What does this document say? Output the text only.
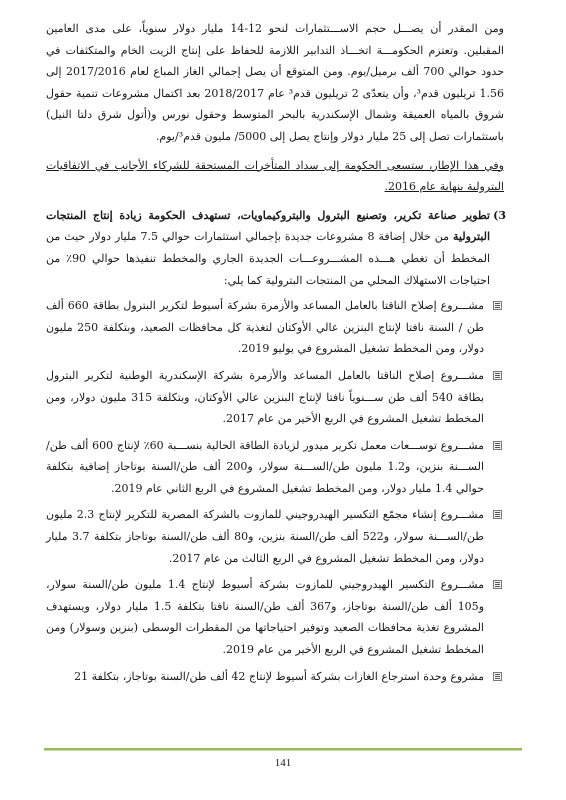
ومن المقدر أن يصـــل حجم الاســـتثمارات لنحو 12-14 مليار دولار سنوياً، على مدى العامين المقبلين. وتعتزم الحكومـــة اتخـــاذ التدابير اللازمة للحفاظ على إنتاج الزيت الخام والمتكثفات في حدود حوالي 700 ألف برميل/يوم. ومن المتوقع أن يصل إجمالي الغاز المباع لعام 2017/2016 إلى 1.56 تريليون قدم³، وأن يتعدّى 2 تريليون قدم³ عام 2018/2017 بعد اكتمال مشروعات تنمية حقول شروق بالمياه العميقة وشمال الإسكندرية بالبحر المتوسط وحقول نورس و(أتول شرق دلتا النيل) باستثمارات تصل إلى 25 مليار دولار وإنتاج يصل إلى 5000/ مليون قدم³/يوم.

وفي هذا الإطار، ستسعى الحكومة إلى سداد المتأخرات المستحقة للشركاء الأجانب في الاتفاقيات البترولية بنهاية عام 2016.

3)

تطوير صناعة تكرير، وتصنيع البترول والبتروكيماويات، تستهدف الحكومة زيادة إنتاج المنتجات البترولية من خلال إضافة 8 مشروعات جديدة بإجمالي استثمارات حوالي 7.5 مليار دولار حيث من المخطط أن تغطي هـــذه المشـــروعـــات الجديدة الجاري والمخطط تنفيذها حوالي 90٪ من احتياجات الاستهلاك المحلي من المنتجات البترولية كما يلي:

مشـــروع إصلاح الناقتا بالعامل المساعد والأزمرة بشركة أسيوط لتكرير البترول بطاقة 660 ألف طن / السنة نافتا لإنتاج البنزين عالي الأوكتان لتغذية كل محافظات الصعيد، وبتكلفة 250 مليون دولار، ومن المخطط تشغيل المشروع في يوليو 2019.
مشـــروع إصلاح الناقتا بالعامل المساعد والأزمرة بشركة الإسكندرية الوطنية لتكرير البترول بطاقة 540 ألف طن ســـنوياً نافتا لإنتاج البنزين عالي الأوكتان، وبتكلفة 315 مليون دولار، ومن المخطط تشغيل المشروع في الربع الأخير من عام 2017.
مشـــروع توســـعات معمل تكرير ميدور لزيادة الطاقة الحالية بنســـبة 60٪ لإنتاج 600 ألف طن/الســـنة بنزين، و1.2 مليون طن/الســـنة سولار، و200 ألف طن/السنة بوتاجاز إضافية بتكلفة حوالي 1.4 مليار دولار، ومن المخطط تشغيل المشروع في الربع الثاني عام 2019.
مشـــروع إنشاء مجمّع التكسير الهيدروجيني للمازوت بالشركة المصرية للتكرير لإنتاج 2.3 مليون طن/الســـنة سولار، و522 ألف طن/السنة بنزين، و80 ألف طن/السنة بوتاجاز بتكلفة 3.7 مليار دولار، ومن المخطط تشغيل المشروع في الربع الثالث من عام 2017.
مشـــروع التكسير الهيدروجيني للمازوت بشركة أسيوط لإنتاج 1.4 مليون طن/السنة سولار، و105 ألف طن/السنة بوتاجاز، و367 ألف طن/السنة نافتا بتكلفة 1.5 مليار دولار، ويستهدف المشروع تغذية محافظات الصعيد وتوفير احتياجاتها من المقطرات الوسطى (بنزين وسولار) ومن المخطط تشغيل المشروع في الربع الأخير من عام 2019.
مشروع وحدة استرجاع الغازات بشركة أسيوط لإنتاج 42 ألف طن/السنة بوتاجاز، بتكلفة 21
141
